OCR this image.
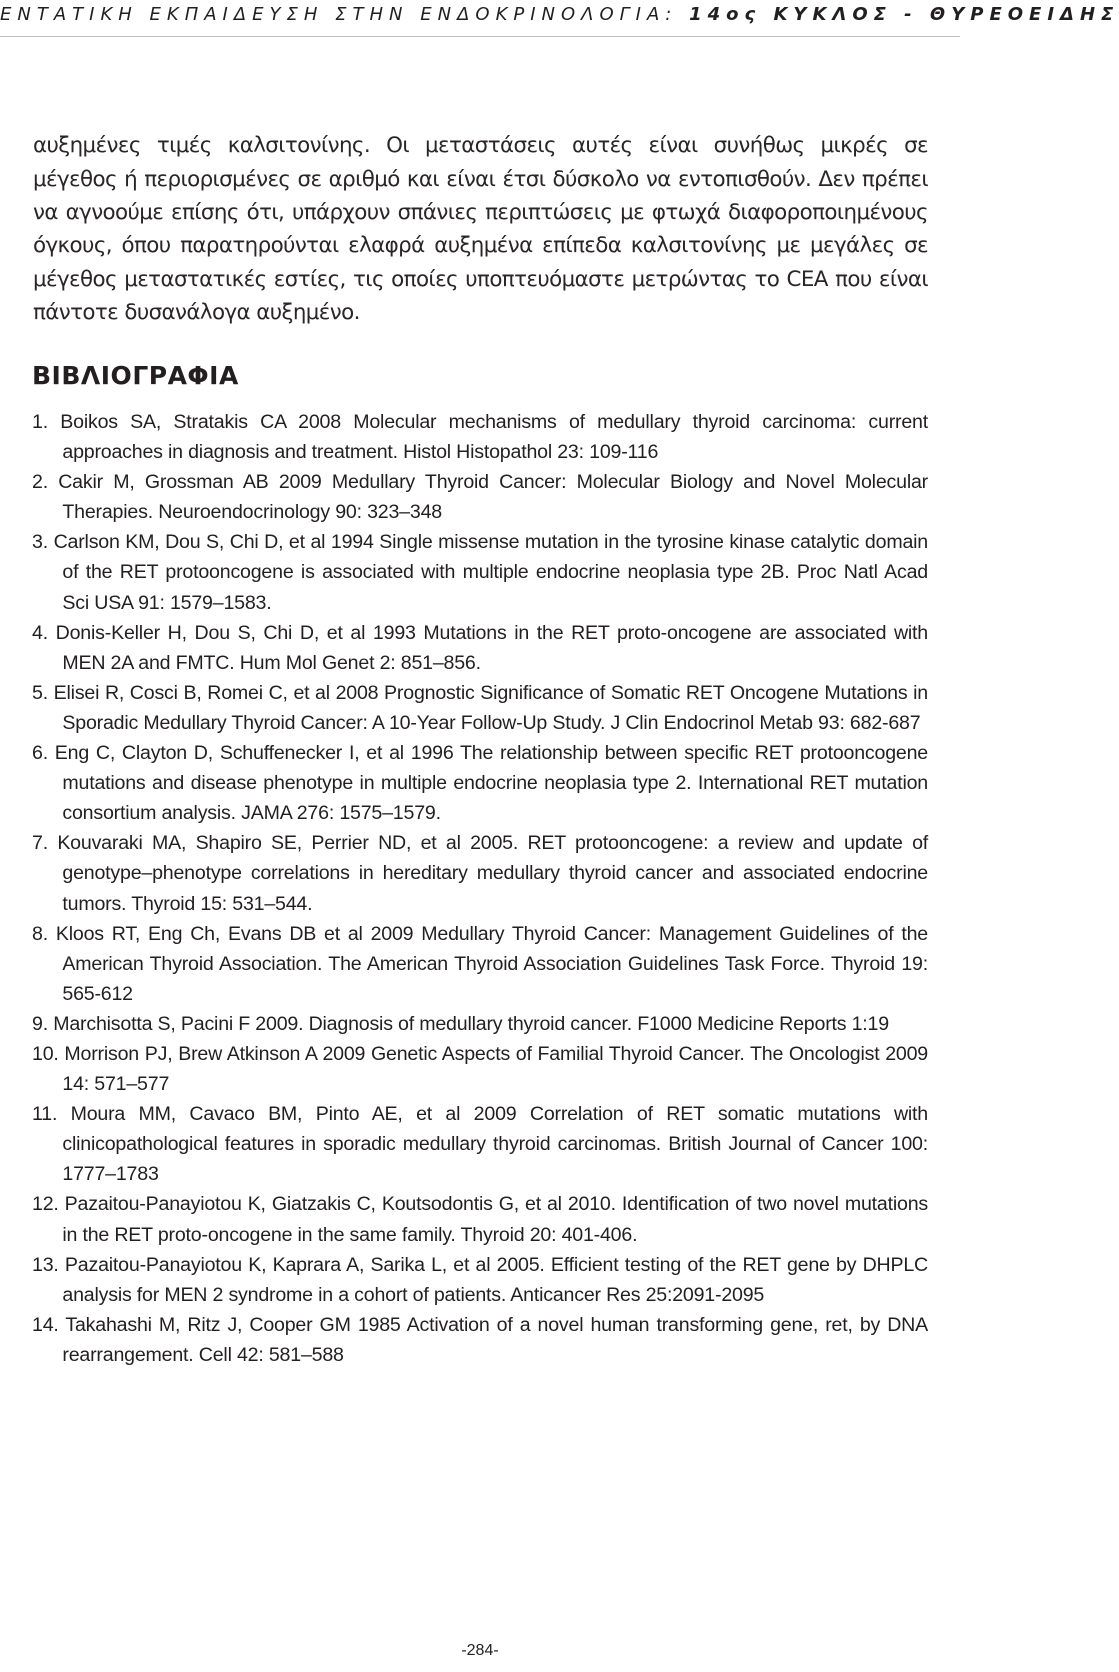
ΕΝΤΑΤΙΚΗ ΕΚΠΑΙΔΕΥΣΗ ΣΤΗΝ ΕΝΔΟΚΡΙΝΟΛΟΓΙΑ: 14ος ΚΥΚΛΟΣ - ΘΥΡΕΟΕΙΔΗΣ

αυξημένες τιμές καλσιτονίνης. Οι μεταστάσεις αυτές είναι συνήθως μικρές σε μέγεθος ή περιορισμένες σε αριθμό και είναι έτσι δύσκολο να εντοπισθούν. Δεν πρέπει να αγνοούμε επίσης ότι, υπάρχουν σπάνιες περιπτώσεις με φτωχά διαφοροποιημένους όγκους, όπου παρατηρούνται ελαφρά αυξημένα επίπεδα καλσιτονίνης με μεγάλες σε μέγεθος μεταστατικές εστίες, τις οποίες υποπτευόμαστε μετρώντας το CEA που είναι πάντοτε δυσανάλογα αυξημένο.

ΒΙΒΛΙΟΓΡΑΦΙΑ
1. Boikos SA, Stratakis CA 2008 Molecular mechanisms of medullary thyroid carcinoma: current approaches in diagnosis and treatment. Histol Histopathol 23: 109-116
2. Cakir M, Grossman AB 2009 Medullary Thyroid Cancer: Molecular Biology and Novel Molecular Therapies. Neuroendocrinology 90: 323–348
3. Carlson KM, Dou S, Chi D, et al 1994 Single missense mutation in the tyrosine kinase catalytic domain of the RET protooncogene is associated with multiple endocrine neoplasia type 2B. Proc Natl Acad Sci USA 91: 1579–1583.
4. Donis-Keller H, Dou S, Chi D, et al 1993 Mutations in the RET proto-oncogene are associated with MEN 2A and FMTC. Hum Mol Genet 2: 851–856.
5. Elisei R, Cosci B, Romei C, et al 2008 Prognostic Significance of Somatic RET Oncogene Mutations in Sporadic Medullary Thyroid Cancer: A 10-Year Follow-Up Study. J Clin Endocrinol Metab 93: 682-687
6. Eng C, Clayton D, Schuffenecker I, et al 1996 The relationship between specific RET protooncogene mutations and disease phenotype in multiple endocrine neoplasia type 2. International RET mutation consortium analysis. JAMA 276: 1575–1579.
7. Kouvaraki MA, Shapiro SE, Perrier ND, et al 2005. RET protooncogene: a review and update of genotype–phenotype correlations in hereditary medullary thyroid cancer and associated endocrine tumors. Thyroid 15: 531–544.
8. Kloos RT, Eng Ch, Evans DB et al 2009 Medullary Thyroid Cancer: Management Guidelines of the American Thyroid Association. The American Thyroid Association Guidelines Task Force. Thyroid 19: 565-612
9. Marchisotta S, Pacini F 2009. Diagnosis of medullary thyroid cancer. F1000 Medicine Reports 1:19
10. Morrison PJ, Brew Atkinson A 2009 Genetic Aspects of Familial Thyroid Cancer. The Oncologist 2009 14: 571–577
11. Moura MM, Cavaco BM, Pinto AE, et al 2009 Correlation of RET somatic mutations with clinicopathological features in sporadic medullary thyroid carcinomas. British Journal of Cancer 100: 1777–1783
12. Pazaitou-Panayiotou K, Giatzakis C, Koutsodontis G, et al 2010. Identification of two novel mutations in the RET proto-oncogene in the same family. Thyroid 20: 401-406.
13. Pazaitou-Panayiotou K, Kaprara A, Sarika L, et al 2005. Efficient testing of the RET gene by DHPLC analysis for MEN 2 syndrome in a cohort of patients. Anticancer Res 25:2091-2095
14. Takahashi M, Ritz J, Cooper GM 1985 Activation of a novel human transforming gene, ret, by DNA rearrangement. Cell 42: 581–588
-284-
